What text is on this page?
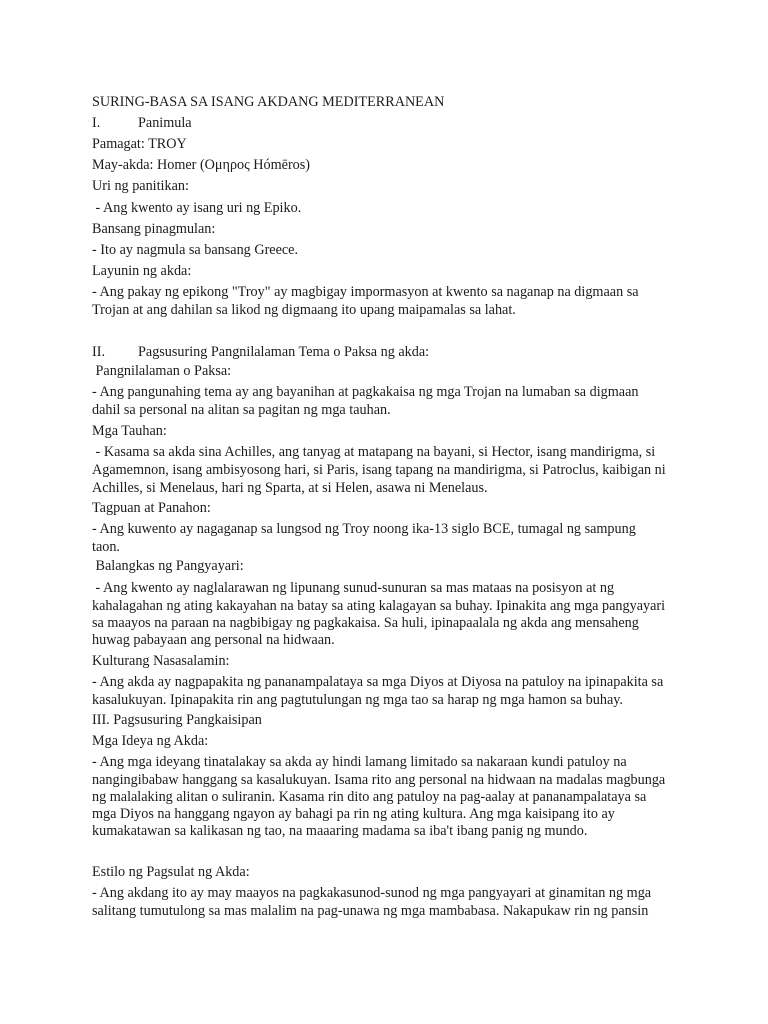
SURING-BASA SA ISANG AKDANG MEDITERRANEAN
I.	Panimula
Pamagat: TROY
May-akda: Homer (Ομηρος Hómēros)
Uri ng panitikan:
- Ang kwento ay isang uri ng Epiko.
Bansang pinagmulan:
- Ito ay nagmula sa bansang Greece.
Layunin ng akda:
- Ang pakay ng epikong "Troy" ay magbigay impormasyon at kwento sa naganap na digmaan sa
Trojan at ang dahilan sa likod ng digmaang ito upang maipamalas sa lahat.
II. Pagsusuring Pangnilalaman Tema o Paksa ng akda:
Pangnilalaman o Paksa:
- Ang pangunahing tema ay ang bayanihan at pagkakaisa ng mga Trojan na lumaban sa digmaan
dahil sa personal na alitan sa pagitan ng mga tauhan.
Mga Tauhan:
- Kasama sa akda sina Achilles, ang tanyag at matapang na bayani, si Hector, isang mandirigma, si
Agamemnon, isang ambisyosong hari, si Paris, isang tapang na mandirigma, si Patroclus, kaibigan ni
Achilles, si Menelaus, hari ng Sparta, at si Helen, asawa ni Menelaus.
Tagpuan at Panahon:
- Ang kuwento ay nagaganap sa lungsod ng Troy noong ika-13 siglo BCE, tumagal ng sampung
taon.
Balangkas ng Pangyayari:
- Ang kwento ay naglalarawan ng lipunang sunud-sunuran sa mas mataas na posisyon at ng
kahalagahan ng ating kakayahan na batay sa ating kalagayan sa buhay. Ipinakita ang mga pangyayari
sa maayos na paraan na nagbibigay ng pagkakaisa. Sa huli, ipinapaalala ng akda ang mensaheng
huwag pabayaan ang personal na hidwaan.
Kulturang Nasasalamin:
- Ang akda ay nagpapakita ng pananampalataya sa mga Diyos at Diyosa na patuloy na ipinapakita sa
kasalukuyan. Ipinapakita rin ang pagtutulungan ng mga tao sa harap ng mga hamon sa buhay.
III. Pagsusuring Pangkaisipan
Mga Ideya ng Akda:
- Ang mga ideyang tinatalakay sa akda ay hindi lamang limitado sa nakaraan kundi patuloy na
nangingibabaw hanggang sa kasalukuyan. Isama rito ang personal na hidwaan na madalas magbunga
ng malalaking alitan o suliranin. Kasama rin dito ang patuloy na pag-aalay at pananampalataya sa
mga Diyos na hanggang ngayon ay bahagi pa rin ng ating kultura. Ang mga kaisipang ito ay
kumakatawan sa kalikasan ng tao, na maaaring madama sa iba't ibang panig ng mundo.
Estilo ng Pagsulat ng Akda:
- Ang akdang ito ay may maayos na pagkakasunod-sunod ng mga pangyayari at ginamitan ng mga
salitang tumutulong sa mas malalim na pag-unawa ng mga mambabasa. Nakapukaw rin ng pansin
